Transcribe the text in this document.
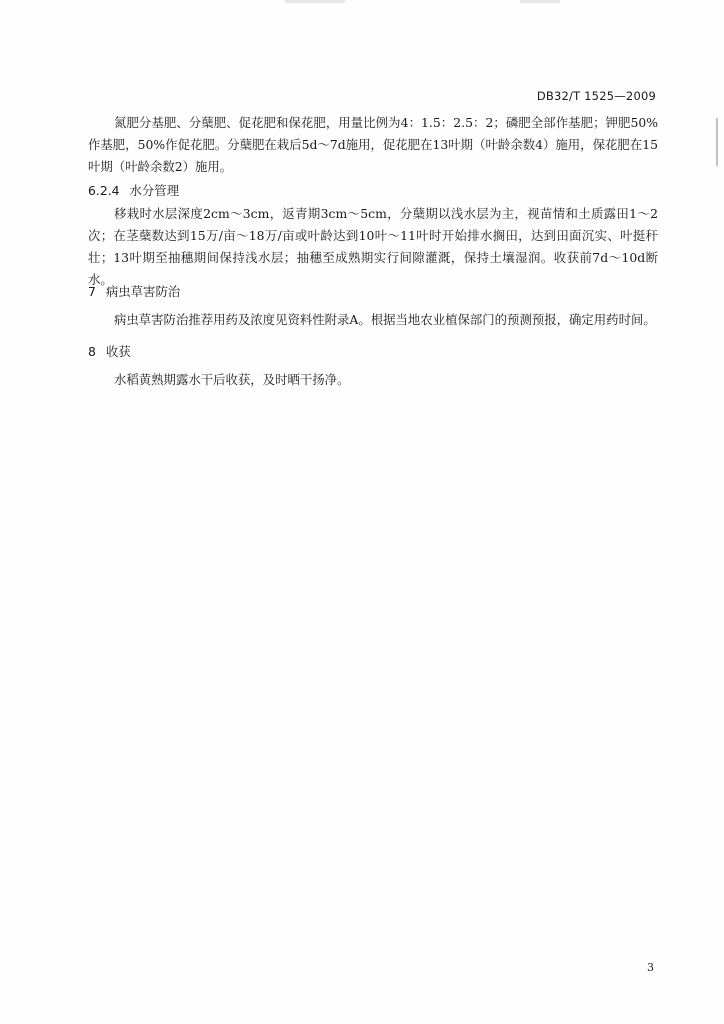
DB32/T 1525—2009

氮肥分基肥、分蘖肥、促花肥和保花肥，用量比例为4：1.5：2.5：2；磷肥全部作基肥；钾肥50%作基肥，50%作促花肥。分蘖肥在栽后5d～7d施用，促花肥在13叶期（叶龄余数4）施用，保花肥在15叶期（叶龄余数2）施用。

6.2.4 水分管理

移栽时水层深度2cm～3cm，返青期3cm～5cm，分蘖期以浅水层为主，视苗情和土质露田1～2次；在茎蘖数达到15万/亩～18万/亩或叶龄达到10叶～11叶时开始排水搁田，达到田面沉实、叶挺秆壮；13叶期至抽穗期间保持浅水层；抽穗至成熟期实行间隙灌溉，保持土壤湿润。收获前7d～10d断水。

7 病虫草害防治

病虫草害防治推荐用药及浓度见资料性附录A。根据当地农业植保部门的预测预报，确定用药时间。

8 收获

水稻黄熟期露水干后收获，及时晒干扬净。

3
